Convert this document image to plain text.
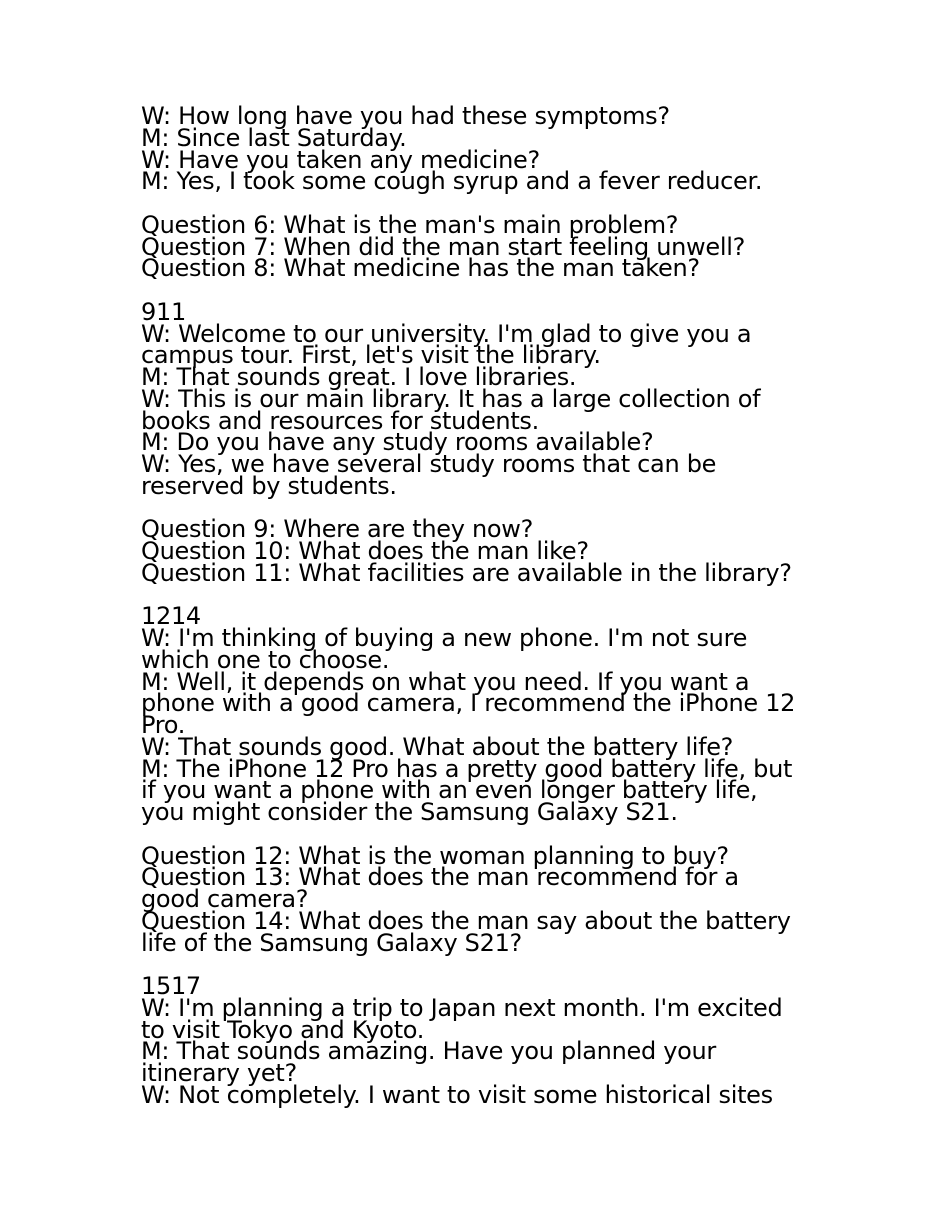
W: How long have you had these symptoms?
M: Since last Saturday.
W: Have you taken any medicine?
M: Yes, I took some cough syrup and a fever reducer.
Question 6: What is the man's main problem?
Question 7: When did the man start feeling unwell?
Question 8: What medicine has the man taken?
911
W: Welcome to our university. I'm glad to give you a
campus tour. First, let's visit the library.
M: That sounds great. I love libraries.
W: This is our main library. It has a large collection of
books and resources for students.
M: Do you have any study rooms available?
W: Yes, we have several study rooms that can be
reserved by students.
Question 9: Where are they now?
Question 10: What does the man like?
Question 11: What facilities are available in the library?
1214
W: I'm thinking of buying a new phone. I'm not sure
which one to choose.
M: Well, it depends on what you need. If you want a
phone with a good camera, I recommend the iPhone 12
Pro.
W: That sounds good. What about the battery life?
M: The iPhone 12 Pro has a pretty good battery life, but
if you want a phone with an even longer battery life,
you might consider the Samsung Galaxy S21.
Question 12: What is the woman planning to buy?
Question 13: What does the man recommend for a
good camera?
Question 14: What does the man say about the battery
life of the Samsung Galaxy S21?
1517
W: I'm planning a trip to Japan next month. I'm excited
to visit Tokyo and Kyoto.
M: That sounds amazing. Have you planned your
itinerary yet?
W: Not completely. I want to visit some historical sites
